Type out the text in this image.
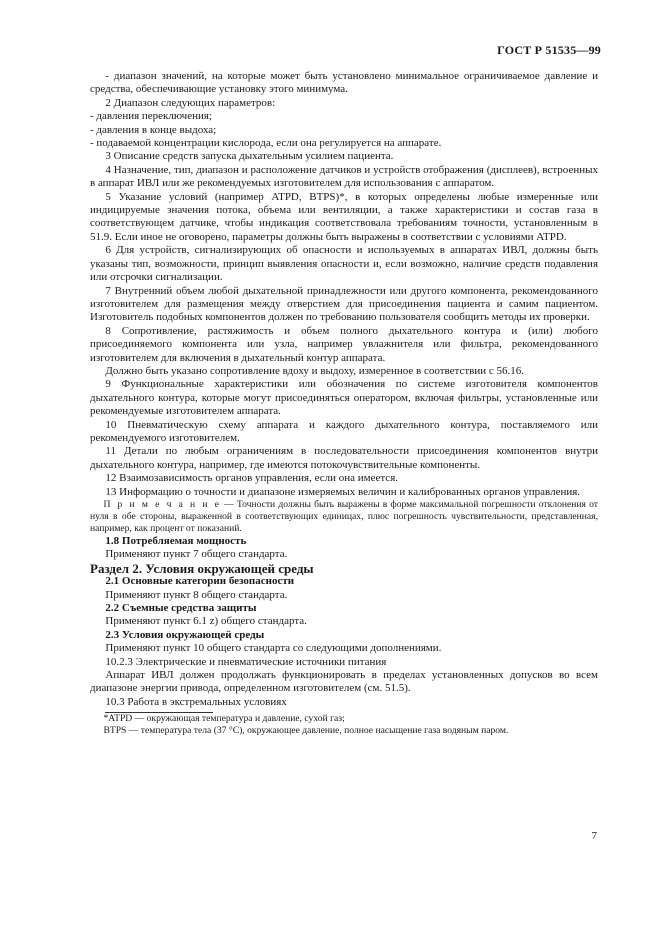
ГОСТ Р 51535—99

- диапазон значений, на которые может быть установлено минимальное ограничиваемое давление и средства, обеспечивающие установку этого минимума.

2 Диапазон следующих параметров:

- давления переключения;

- давления в конце выдоха;

- подаваемой концентрации кислорода, если она регулируется на аппарате.

3 Описание средств запуска дыхательным усилием пациента.

4 Назначение, тип, диапазон и расположение датчиков и устройств отображения (дисплеев), встроенных в аппарат ИВЛ или же рекомендуемых изготовителем для использования с аппаратом.

5 Указание условий (например ATPD, BTPS)*, в которых определены любые измеренные или индицируемые значения потока, объема или вентиляции, а также характеристики и состав газа в соответствующем датчике, чтобы индикация соответствовала требованиям точности, установленным в 51.9. Если иное не оговорено, параметры должны быть выражены в соответствии с условиями ATPD.

6 Для устройств, сигнализирующих об опасности и используемых в аппаратах ИВЛ, должны быть указаны тип, возможности, принцип выявления опасности и, если возможно, наличие средств подавления или отсрочки сигнализации.

7 Внутренний объем любой дыхательной принадлежности или другого компонента, рекомендованного изготовителем для размещения между отверстием для присоединения пациента и самим пациентом. Изготовитель подобных компонентов должен по требованию пользователя сообщить методы их проверки.

8 Сопротивление, растяжимость и объем полного дыхательного контура и (или) любого присоединяемого компонента или узла, например увлажнителя или фильтра, рекомендованного изготовителем для включения в дыхательный контур аппарата.

Должно быть указано сопротивление вдоху и выдоху, измеренное в соответствии с 56.16.

9 Функциональные характеристики или обозначения по системе изготовителя компонентов дыхательного контура, которые могут присоединяться оператором, включая фильтры, установленные или рекомендуемые изготовителем аппарата.

10 Пневматическую схему аппарата и каждого дыхательного контура, поставляемого или рекомендуемого изготовителем.

11 Детали по любым ограничениям в последовательности присоединения компонентов внутри дыхательного контура, например, где имеются потокочувствительные компоненты.

12 Взаимозависимость органов управления, если она имеется.

13 Информацию о точности и диапазоне измеряемых величин и калиброванных органов управления.

П р и м е ч а н и е — Точности должны быть выражены в форме максимальной погрешности отклонения от нуля в обе стороны, выраженной в соответствующих единицах, плюс погрешность чувствительности, представленная, например, как процент от показаний.

1.8 Потребляемая мощность

Применяют пункт 7 общего стандарта.

Раздел 2. Условия окружающей среды

2.1 Основные категории безопасности

Применяют пункт 8 общего стандарта.

2.2 Съемные средства защиты

Применяют пункт 6.1 z) общего стандарта.

2.3 Условия окружающей среды

Применяют пункт 10 общего стандарта со следующими дополнениями.

10.2.3 Электрические и пневматические источники питания

Аппарат ИВЛ должен продолжать функционировать в пределах установленных допусков во всем диапазоне энергии привода, определенном изготовителем (см. 51.5).

10.3 Работа в экстремальных условиях

*ATPD — окружающая температура и давление, сухой газ;

BTPS — температура тела (37 °С), окружающее давление, полное насыщение газа водяным паром.

7
